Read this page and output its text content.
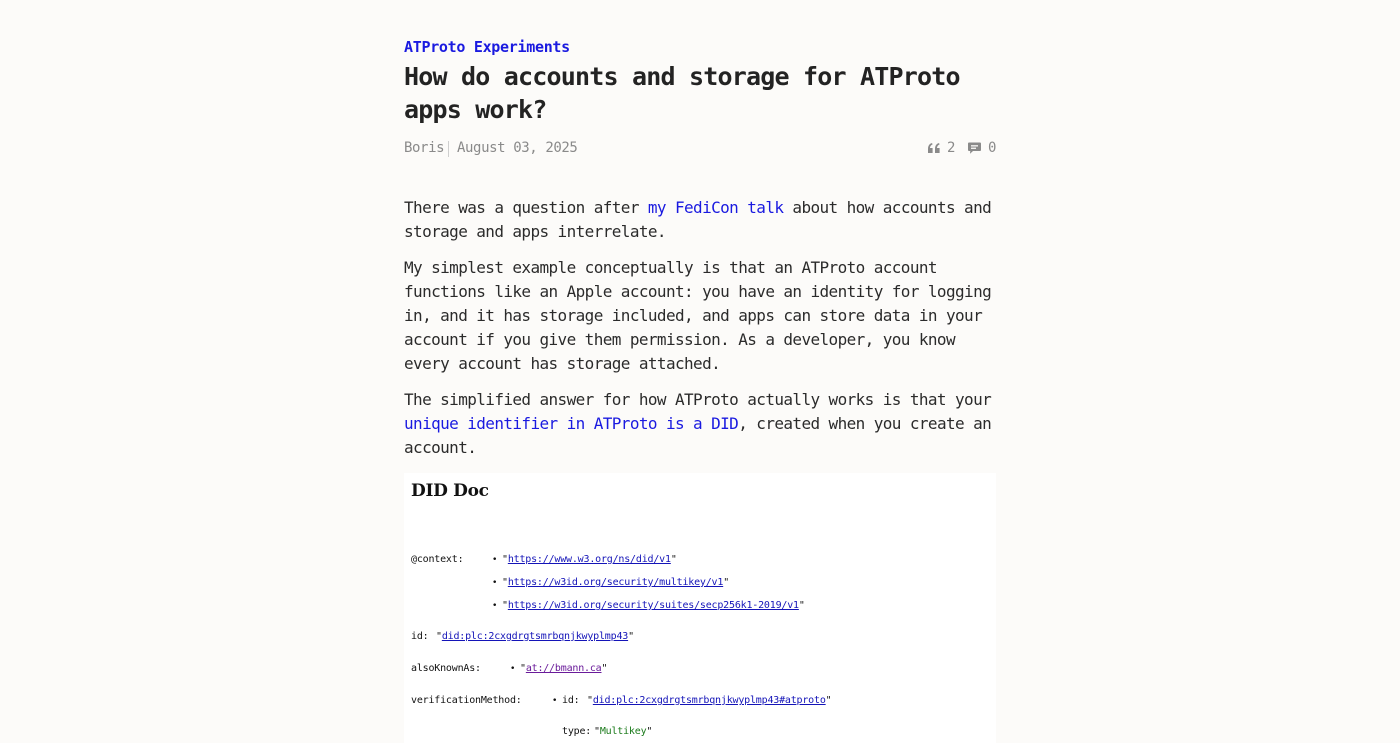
ATProto Experiments
How do accounts and storage for ATProto apps work?
Boris August 03, 2025	2 0

There was a question after my FediCon talk about how accounts and storage and apps interrelate.

My simplest example conceptually is that an ATProto account functions like an Apple account: you have an identity for logging in, and it has storage included, and apps can store data in your account if you give them permission. As a developer, you know every account has storage attached.

The simplified answer for how ATProto actually works is that your unique identifier in ATProto is a DID, created when you create an account.

DID Doc
@context:	• "https://www.w3.org/ns/did/v1"
• "https://w3id.org/security/multikey/v1"
• "https://w3id.org/security/suites/secp256k1-2019/v1"
id: "did:plc:2cxgdrgtsmrbqnjkwyplmp43"
alsoKnownAs:	• "at://bmann.ca"
verificationMethod:	• id: "did:plc:2cxgdrgtsmrbqnjkwyplmp43#atproto"
type: "Multikey"
